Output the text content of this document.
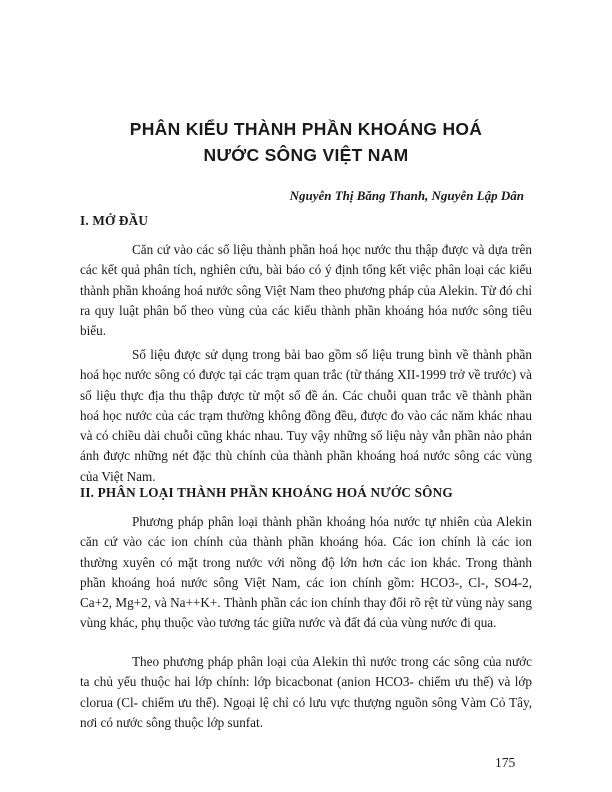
PHÂN KIỂU THÀNH PHẦN KHOÁNG HOÁ
NƯỚC SÔNG VIỆT NAM
Nguyễn Thị Băng Thanh, Nguyễn Lập Dân
I. MỞ ĐẦU

Căn cứ vào các số liệu thành phần hoá học nước thu thập được và dựa trên các kết quả phân tích, nghiên cứu, bài báo có ý định tổng kết việc phân loại các kiểu thành phần khoáng hoá nước sông Việt Nam theo phương pháp của Alekin. Từ đó chỉ ra quy luật phân bố theo vùng của các kiểu thành phần khoáng hóa nước sông tiêu biểu.

Số liệu được sử dụng trong bài bao gồm số liệu trung bình về thành phần hoá học nước sông có được tại các trạm quan trắc (từ tháng XII-1999 trở về trước) và số liệu thực địa thu thập được từ một số đề án. Các chuỗi quan trắc về thành phần hoá học nước của các trạm thường không đồng đều, được đo vào các năm khác nhau và có chiều dài chuỗi cũng khác nhau. Tuy vậy những số liệu này vẫn phần nào phản ánh được những nét đặc thù chính của thành phần khoáng hoá nước sông các vùng của Việt Nam.

II. PHÂN LOẠI THÀNH PHẦN KHOÁNG HOÁ NƯỚC SÔNG

Phương pháp phân loại thành phần khoáng hóa nước tự nhiên của Alekin căn cứ vào các ion chính của thành phần khoáng hóa. Các ion chính là các ion thường xuyên có mặt trong nước với nồng độ lớn hơn các ion khác. Trong thành phần khoáng hoá nước sông Việt Nam, các ion chính gồm: HCO3-, Cl-, SO4-2, Ca+2, Mg+2, và Na++K+. Thành phần các ion chính thay đổi rõ rệt từ vùng này sang vùng khác, phụ thuộc vào tương tác giữa nước và đất đá của vùng nước đi qua.

Theo phương pháp phân loại của Alekin thì nước trong các sông của nước ta chủ yếu thuộc hai lớp chính: lớp bicacbonat (anion HCO3- chiếm ưu thế) và lớp clorua (Cl- chiếm ưu thế). Ngoại lệ chỉ có lưu vực thượng nguồn sông Vàm Cỏ Tây, nơi có nước sông thuộc lớp sunfat.

175
